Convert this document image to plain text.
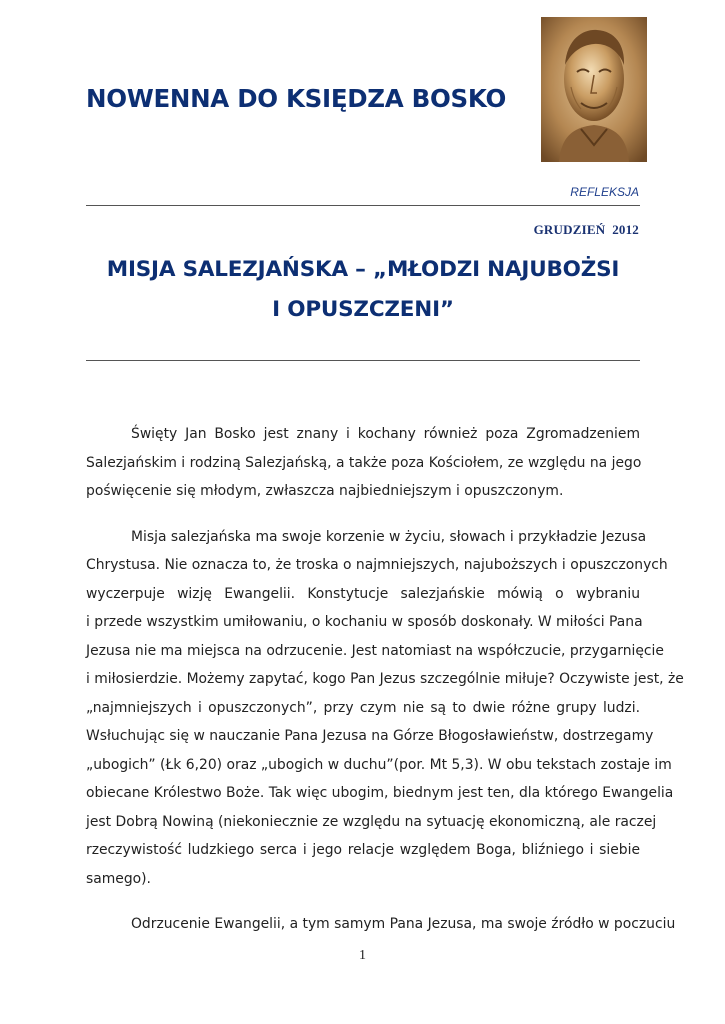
NOWENNA DO KSIĘDZA BOSKO
REFLEKSJA
GRUDZIEŃ  2012
MISJA SALEZJAŃSKA – „MŁODZI NAJUBOŻSI
I OPUSZCZENI”

Święty Jan Bosko jest znany i kochany również poza Zgromadzeniem
Salezjańskim i rodziną Salezjańską, a także poza Kościołem, ze względu na jego
poświęcenie się młodym, zwłaszcza najbiedniejszym i opuszczonym.

Misja salezjańska ma swoje korzenie w życiu, słowach i przykładzie Jezusa
Chrystusa. Nie oznacza to, że troska o najmniejszych, najuboższych i opuszczonych
wyczerpuje wizję Ewangelii. Konstytucje salezjańskie mówią o wybraniu
i przede wszystkim umiłowaniu, o kochaniu w sposób doskonały. W miłości Pana
Jezusa nie ma miejsca na odrzucenie. Jest natomiast na współczucie, przygarnięcie
i miłosierdzie. Możemy zapytać, kogo Pan Jezus szczególnie miłuje? Oczywiste jest, że
„najmniejszych i opuszczonych”, przy czym nie są to dwie różne grupy ludzi.
Wsłuchując się w nauczanie Pana Jezusa na Górze Błogosławieństw, dostrzegamy
„ubogich” (Łk 6,20) oraz „ubogich w duchu”(por. Mt 5,3). W obu tekstach zostaje im
obiecane Królestwo Boże. Tak więc ubogim, biednym jest ten, dla którego Ewangelia
jest Dobrą Nowiną (niekoniecznie ze względu na sytuację ekonomiczną, ale raczej
rzeczywistość ludzkiego serca i jego relacje względem Boga, bliźniego i siebie
samego).

Odrzucenie Ewangelii, a tym samym Pana Jezusa, ma swoje źródło w poczuciu

1
